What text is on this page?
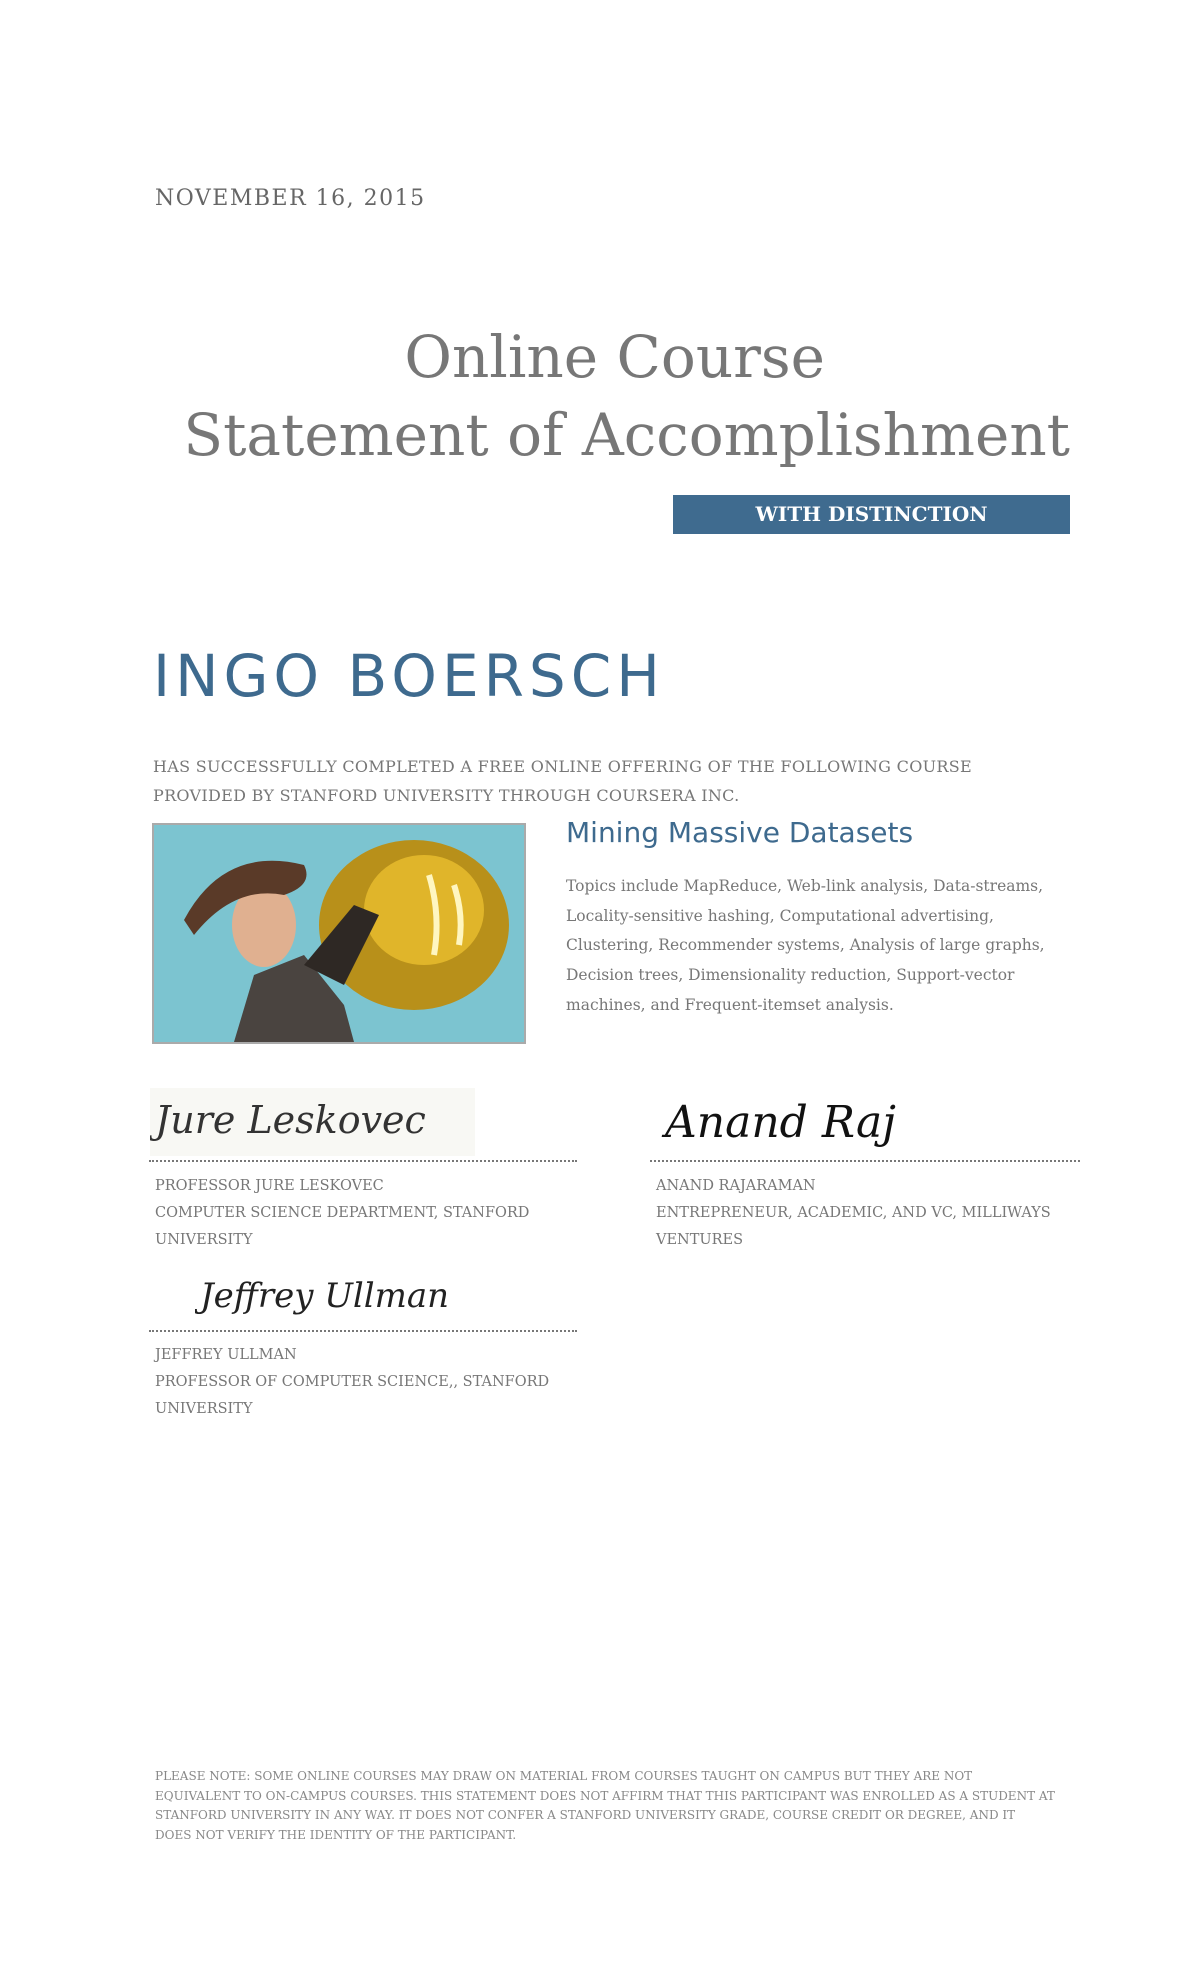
NOVEMBER 16, 2015
Online Course
Statement of Accomplishment
WITH DISTINCTION
INGO BOERSCH
HAS SUCCESSFULLY COMPLETED A FREE ONLINE OFFERING OF THE FOLLOWING COURSE
PROVIDED BY STANFORD UNIVERSITY THROUGH COURSERA INC.
Mining Massive Datasets
Topics include MapReduce, Web-link analysis, Data-streams, Locality-sensitive hashing, Computational advertising, Clustering, Recommender systems, Analysis of large graphs, Decision trees, Dimensionality reduction, Support-vector machines, and Frequent-itemset analysis.
Jure Leskovec
PROFESSOR JURE LESKOVEC
COMPUTER SCIENCE DEPARTMENT, STANFORD UNIVERSITY
Anand Raj
ANAND RAJARAMAN
ENTREPRENEUR, ACADEMIC, AND VC, MILLIWAYS VENTURES
Jeffrey Ullman
JEFFREY ULLMAN
PROFESSOR OF COMPUTER SCIENCE,, STANFORD UNIVERSITY
PLEASE NOTE: SOME ONLINE COURSES MAY DRAW ON MATERIAL FROM COURSES TAUGHT ON CAMPUS BUT THEY ARE NOT EQUIVALENT TO ON-CAMPUS COURSES. THIS STATEMENT DOES NOT AFFIRM THAT THIS PARTICIPANT WAS ENROLLED AS A STUDENT AT STANFORD UNIVERSITY IN ANY WAY. IT DOES NOT CONFER A STANFORD UNIVERSITY GRADE, COURSE CREDIT OR DEGREE, AND IT DOES NOT VERIFY THE IDENTITY OF THE PARTICIPANT.
